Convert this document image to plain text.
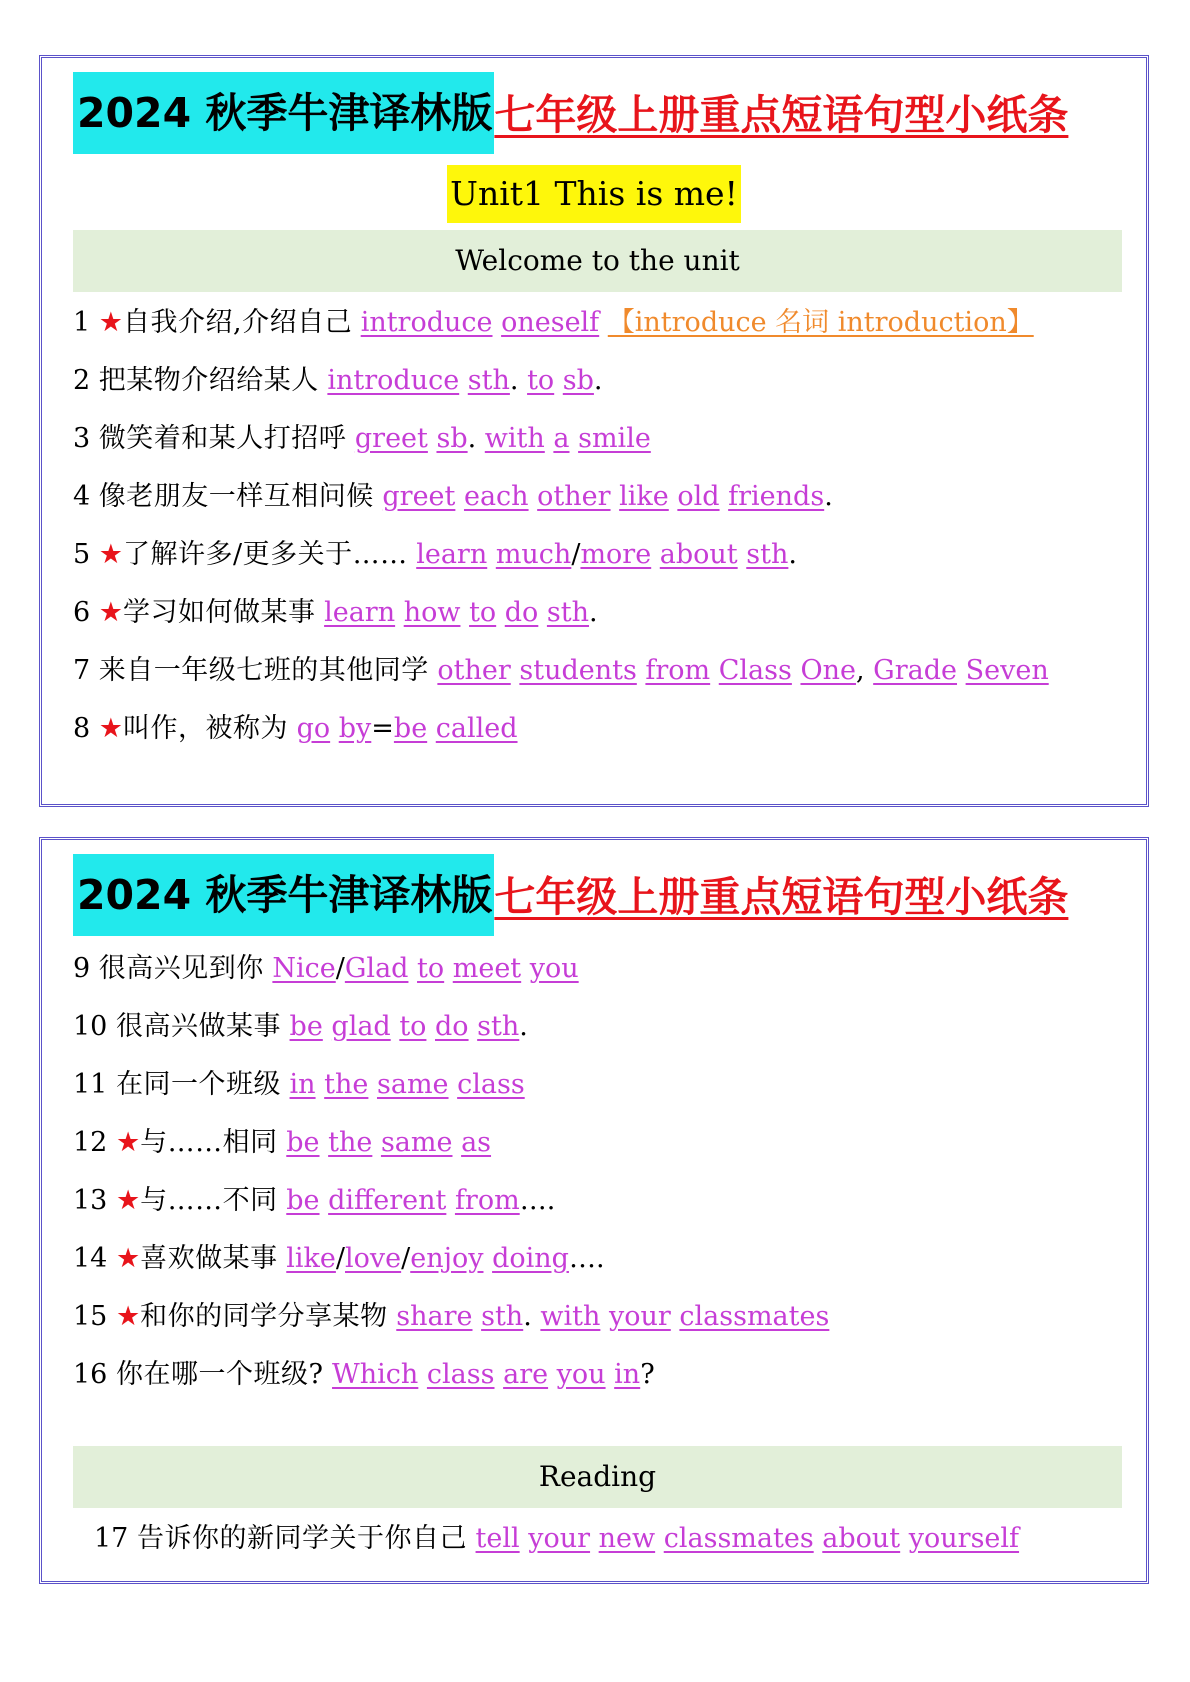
2024 秋季牛津译林版 七年级上册重点短语句型小纸条
Unit1 This is me!
Welcome to the unit
1 ★自我介绍,介绍自己 introduce oneself 【introduce 名词 introduction】
2 把某物介绍给某人 introduce sth. to sb.
3 微笑着和某人打招呼 greet sb. with a smile
4 像老朋友一样互相问候 greet each other like old friends.
5 ★了解许多/更多关于…… learn much/more about sth.
6 ★学习如何做某事 learn how to do sth.
7 来自一年级七班的其他同学 other students from Class One, Grade Seven
8 ★叫作，被称为 go by=be called
2024 秋季牛津译林版 七年级上册重点短语句型小纸条
9 很高兴见到你 Nice/Glad to meet you
10 很高兴做某事 be glad to do sth.
11 在同一个班级 in the same class
12 ★与……相同 be the same as
13 ★与……不同 be different from….
14 ★喜欢做某事 like/love/enjoy doing….
15 ★和你的同学分享某物 share sth. with your classmates
16 你在哪一个班级? Which class are you in?
Reading
17 告诉你的新同学关于你自己 tell your new classmates about yourself
